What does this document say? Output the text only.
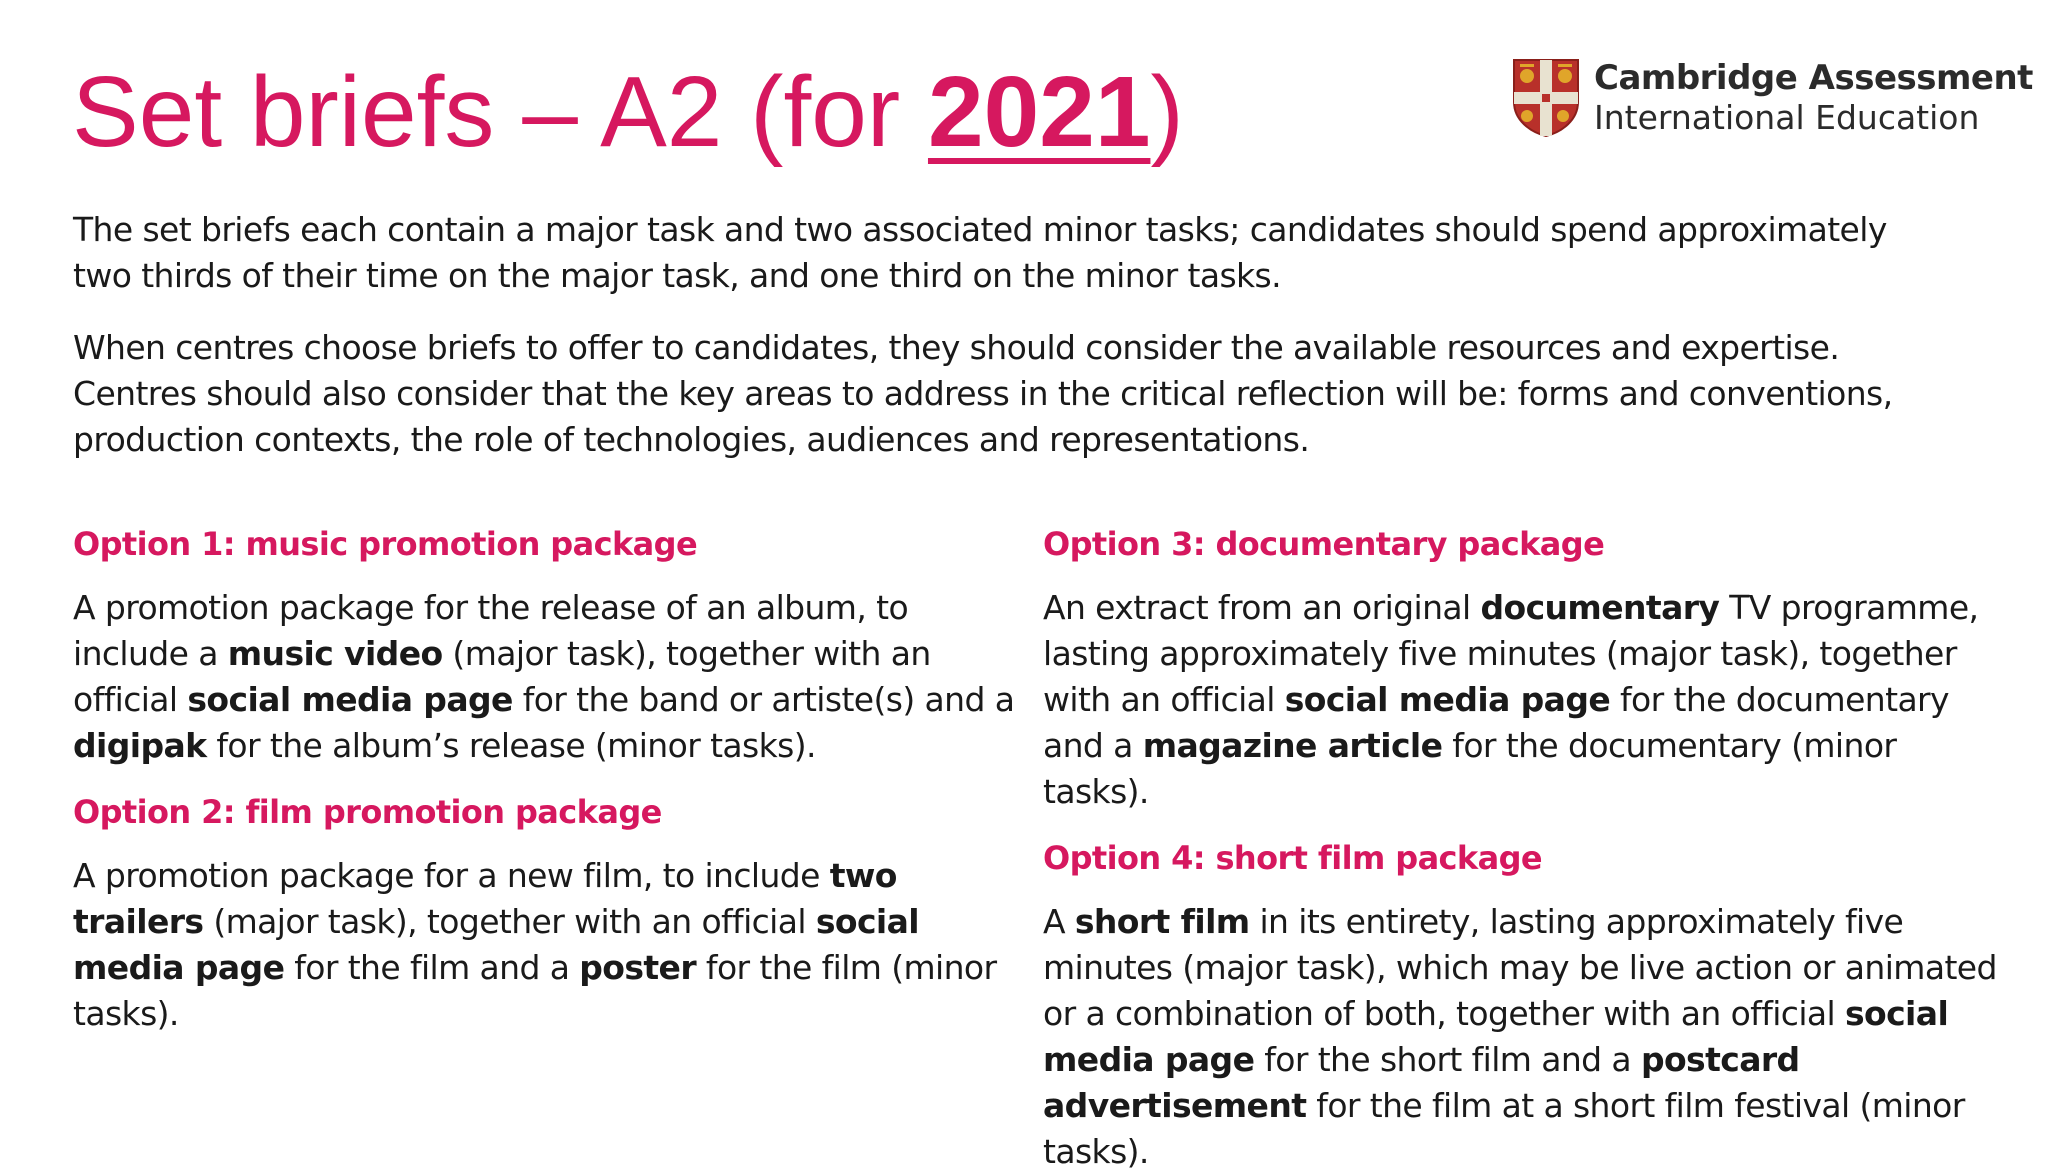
Set briefs – A2 (for 2021)	Cambridge Assessment
International Education

The set briefs each contain a major task and two associated minor tasks; candidates should spend approximately two thirds of their time on the major task, and one third on the minor tasks.

When centres choose briefs to offer to candidates, they should consider the available resources and expertise. Centres should also consider that the key areas to address in the critical reflection will be: forms and conventions, production contexts, the role of technologies, audiences and representations.

Option 1: music promotion package

A promotion package for the release of an album, to include a music video (major task), together with an official social media page for the band or artiste(s) and a digipak for the album’s release (minor tasks).

Option 2: film promotion package

A promotion package for a new film, to include two trailers (major task), together with an official social media page for the film and a poster for the film (minor tasks).

Option 3: documentary package

An extract from an original documentary TV programme, lasting approximately five minutes (major task), together with an official social media page for the documentary and a magazine article for the documentary (minor tasks).

Option 4: short film package

A short film in its entirety, lasting approximately five minutes (major task), which may be live action or animated or a combination of both, together with an official social media page for the short film and a postcard advertisement for the film at a short film festival (minor tasks).
